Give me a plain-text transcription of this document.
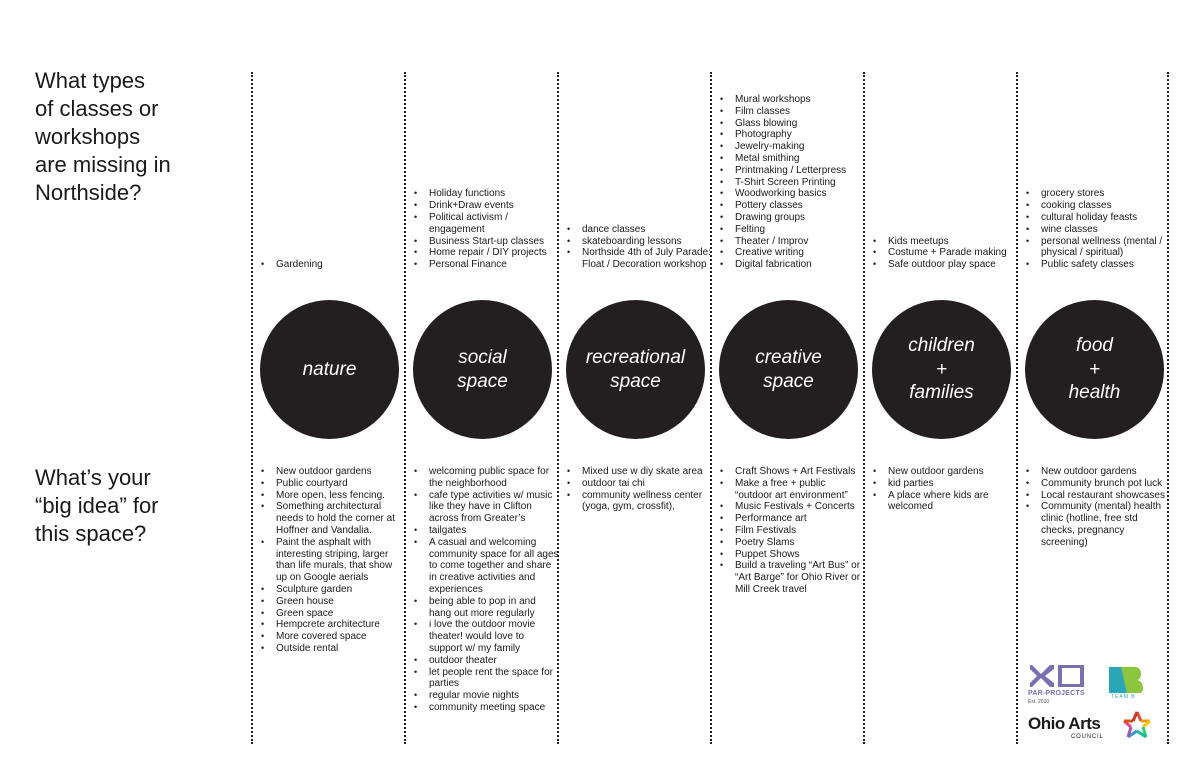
What types
of classes or
workshops
are missing in
Northside?

What’s your
“big idea” for
this space?

• Gardening
nature
• New outdoor gardens
• Public courtyard
• More open, less fencing.
• Something architectural needs to hold the corner at Hoffner and Vandalia.
• Paint the asphalt with interesting striping, larger than life murals, that show up on Google aerials
• Sculpture garden
• Green house
• Green space
• Hempcrete architecture
• More covered space
• Outside rental
• Holiday functions
• Drink+Draw events
• Political activism / engagement
• Business Start-up classes
• Home repair / DIY projects
• Personal Finance
social
space
• welcoming public space for the neighborhood
• cafe type activities w/ music like they have in Clifton across from Greater’s
• tailgates
• A casual and welcoming community space for all ages to come together and share in creative activities and experiences
• being able to pop in and hang out more regularly
• i love the outdoor movie theater! would love to support w/ my family
• outdoor theater
• let people rent the space for parties
• regular movie nights
• community meeting space
• dance classes
• skateboarding lessons
• Northside 4th of July Parade: Float / Decoration workshop
recreational
space
• Mixed use w diy skate area
• outdoor tai chi
• community wellness center (yoga, gym, crossfit),
• Mural workshops
• Film classes
• Glass blowing
• Photography
• Jewelry-making
• Metal smithing
• Printmaking / Letterpress
• T-Shirt Screen Printing
• Woodworking basics
• Pottery classes
• Drawing groups
• Felting
• Theater / Improv
• Creative writing
• Digital fabrication
creative
space
• Craft Shows + Art Festivals
• Make a free + public “outdoor art environment”
• Music Festivals + Concerts
• Performance art
• Film Festivals
• Poetry Slams
• Puppet Shows
• Build a traveling “Art Bus” or “Art Barge” for Ohio River or Mill Creek travel
• Kids meetups
• Costume + Parade making
• Safe outdoor play space
children
+
families
• New outdoor gardens
• kid parties
• A place where kids are welcomed
• grocery stores
• cooking classes
• cultural holiday feasts
• wine classes
• personal wellness (mental / physical / spiritual)
• Public safety classes
food
+
health
• New outdoor gardens
• Community brunch pot luck
• Local restaurant showcases
• Community (mental) health clinic (hotline, free std checks, pregnancy screening)
PAR-PROJECTS
Est. 2010
TEAM B
Ohio Arts
COUNCIL
